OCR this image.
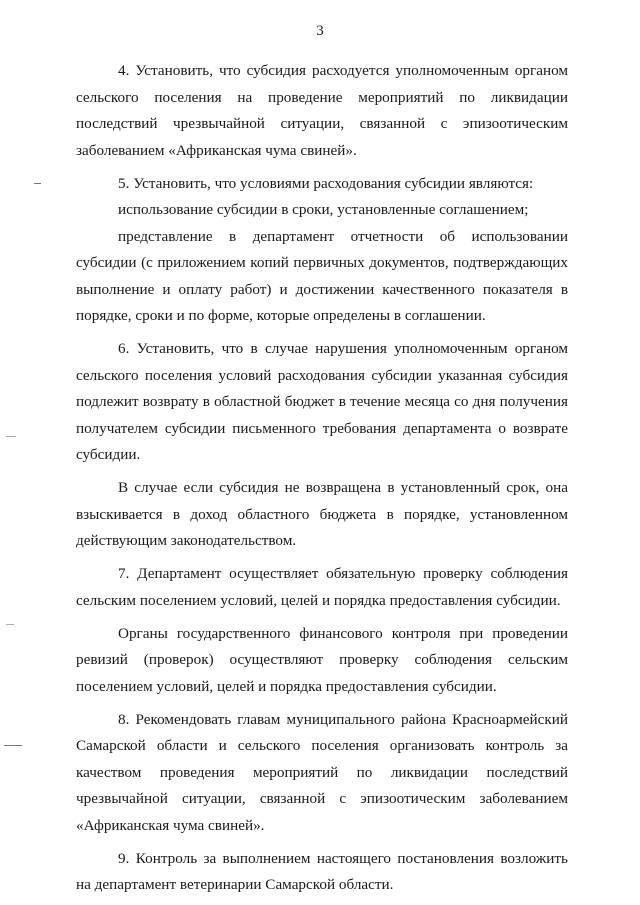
3

4. Установить, что субсидия расходуется уполномоченным органом сельского поселения на проведение мероприятий по ликвидации последствий чрезвычайной ситуации, связанной с эпизоотическим заболеванием «Африканская чума свиней».

5. Установить, что условиями расходования субсидии являются:

использование субсидии в сроки, установленные соглашением;

представление в департамент отчетности об использовании субсидии (с приложением копий первичных документов, подтверждающих выполнение и оплату работ) и достижении качественного показателя в порядке, сроки и по форме, которые определены в соглашении.

6. Установить, что в случае нарушения уполномоченным органом сельского поселения условий расходования субсидии указанная субсидия подлежит возврату в областной бюджет в течение месяца со дня получения получателем субсидии письменного требования департамента о возврате субсидии.

В случае если субсидия не возвращена в установленный срок, она взыскивается в доход областного бюджета в порядке, установленном действующим законодательством.

7. Департамент осуществляет обязательную проверку соблюдения сельским поселением условий, целей и порядка предоставления субсидии.

Органы государственного финансового контроля при проведении ревизий (проверок) осуществляют проверку соблюдения сельским поселением условий, целей и порядка предоставления субсидии.

8. Рекомендовать главам муниципального района Красноармейский Самарской области и сельского поселения организовать контроль за качеством проведения мероприятий по ликвидации последствий чрезвычайной ситуации, связанной с эпизоотическим заболеванием «Африканская чума свиней».

9. Контроль за выполнением настоящего постановления возложить на департамент ветеринарии Самарской области.
